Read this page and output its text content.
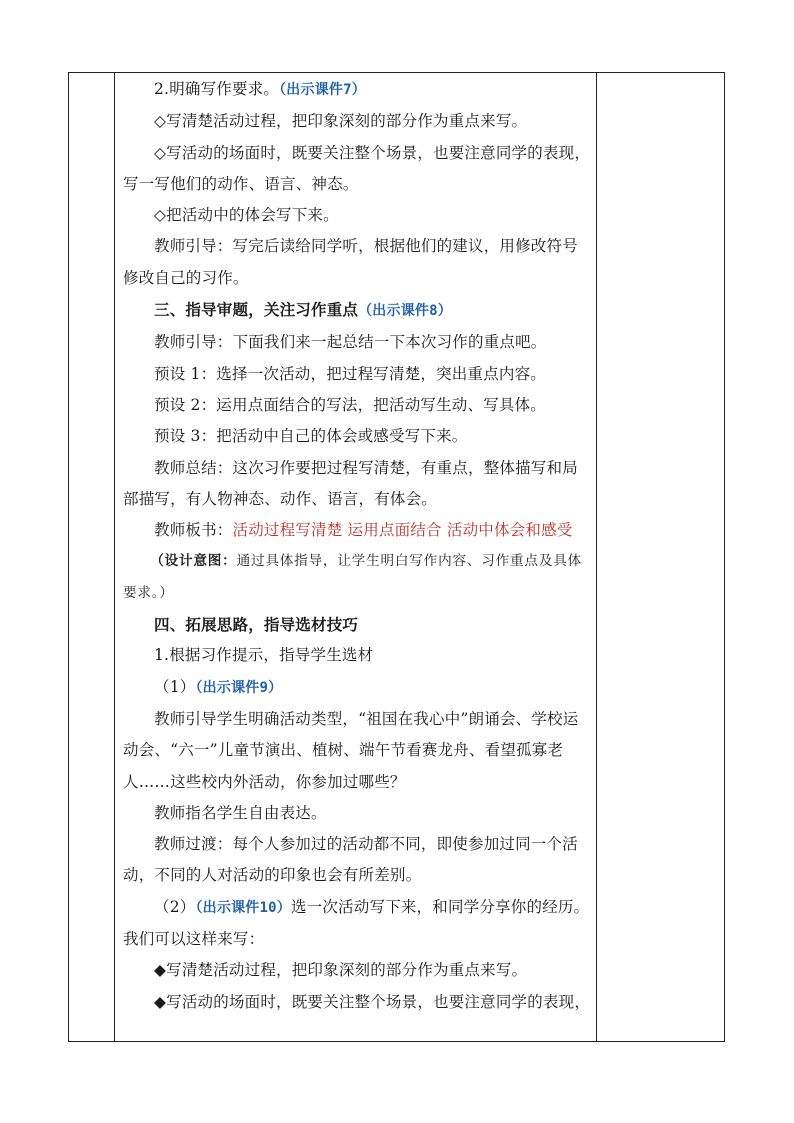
2.明确写作要求。（出示课件7）

◇写清楚活动过程，把印象深刻的部分作为重点来写。

◇写活动的场面时，既要关注整个场景，也要注意同学的表现，写一写他们的动作、语言、神态。

◇把活动中的体会写下来。

教师引导：写完后读给同学听，根据他们的建议，用修改符号修改自己的习作。

三、指导审题，关注习作重点（出示课件8）

教师引导：下面我们来一起总结一下本次习作的重点吧。

预设 1：选择一次活动，把过程写清楚，突出重点内容。

预设 2：运用点面结合的写法，把活动写生动、写具体。

预设 3：把活动中自己的体会或感受写下来。

教师总结：这次习作要把过程写清楚，有重点，整体描写和局部描写，有人物神态、动作、语言，有体会。

教师板书：活动过程写清楚 运用点面结合 活动中体会和感受

（设计意图：通过具体指导，让学生明白写作内容、习作重点及具体要求。）

四、拓展思路，指导选材技巧

1.根据习作提示，指导学生选材

（1）（出示课件9）

教师引导学生明确活动类型，“祖国在我心中”朗诵会、学校运动会、“六一”儿童节演出、植树、端午节看赛龙舟、看望孤寡老人……这些校内外活动，你参加过哪些？

教师指名学生自由表达。

教师过渡：每个人参加过的活动都不同，即使参加过同一个活动，不同的人对活动的印象也会有所差别。

（2）（出示课件10）选一次活动写下来，和同学分享你的经历。我们可以这样来写：

◆写清楚活动过程，把印象深刻的部分作为重点来写。

◆写活动的场面时，既要关注整个场景，也要注意同学的表现，
